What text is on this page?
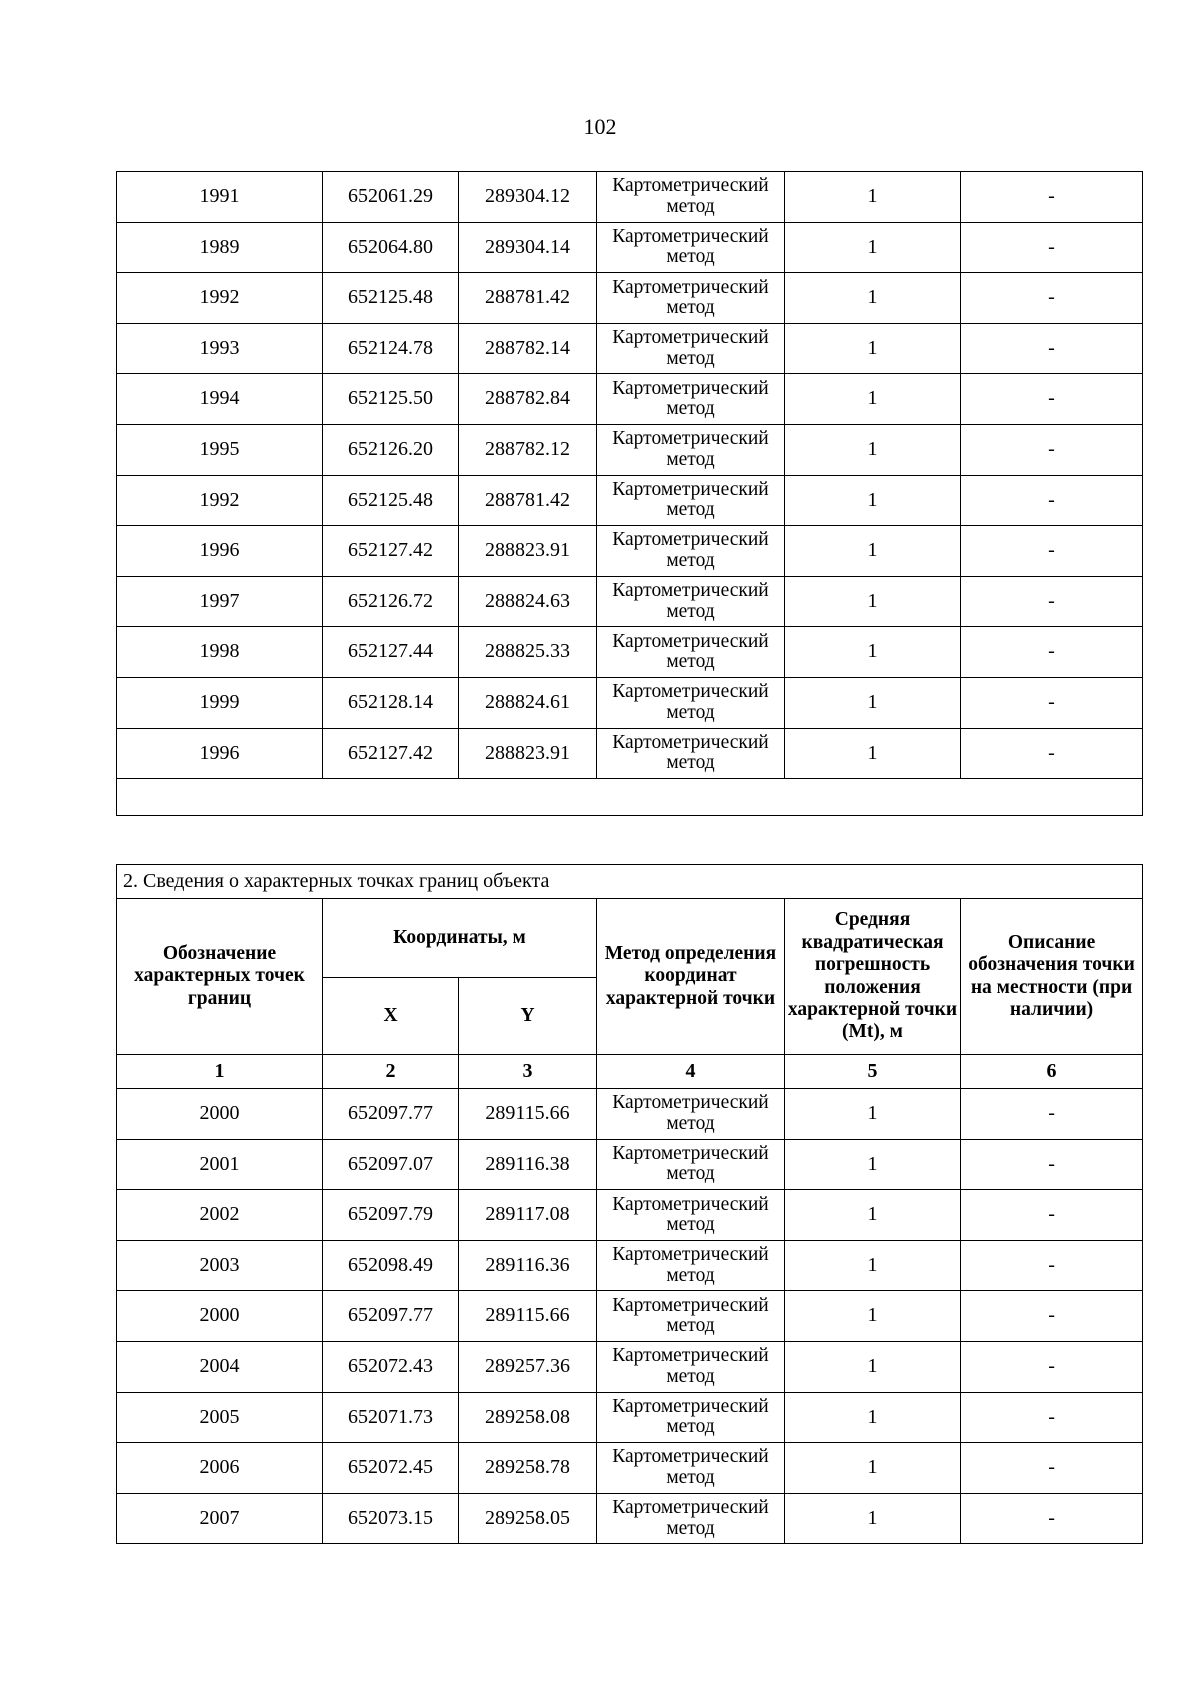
102
1991	652061.29	289304.12	Картометрический метод	1	-
1989	652064.80	289304.14	Картометрический метод	1	-
1992	652125.48	288781.42	Картометрический метод	1	-
1993	652124.78	288782.14	Картометрический метод	1	-
1994	652125.50	288782.84	Картометрический метод	1	-
1995	652126.20	288782.12	Картометрический метод	1	-
1992	652125.48	288781.42	Картометрический метод	1	-
1996	652127.42	288823.91	Картометрический метод	1	-
1997	652126.72	288824.63	Картометрический метод	1	-
1998	652127.44	288825.33	Картометрический метод	1	-
1999	652128.14	288824.61	Картометрический метод	1	-
1996	652127.42	288823.91	Картометрический метод	1	-

2. Сведения о характерных точках границ объекта					
Обозначение характерных точек границ	Координаты, м		Метод определения координат характерной точки	Средняя квадратическая погрешность положения характерной точки (Mt), м	Описание обозначения точки на местности (при наличии)
	X	Y			
1	2	3	4	5	6
2000	652097.77	289115.66	Картометрический метод	1	-
2001	652097.07	289116.38	Картометрический метод	1	-
2002	652097.79	289117.08	Картометрический метод	1	-
2003	652098.49	289116.36	Картометрический метод	1	-
2000	652097.77	289115.66	Картометрический метод	1	-
2004	652072.43	289257.36	Картометрический метод	1	-
2005	652071.73	289258.08	Картометрический метод	1	-
2006	652072.45	289258.78	Картометрический метод	1	-
2007	652073.15	289258.05	Картометрический метод	1	-
